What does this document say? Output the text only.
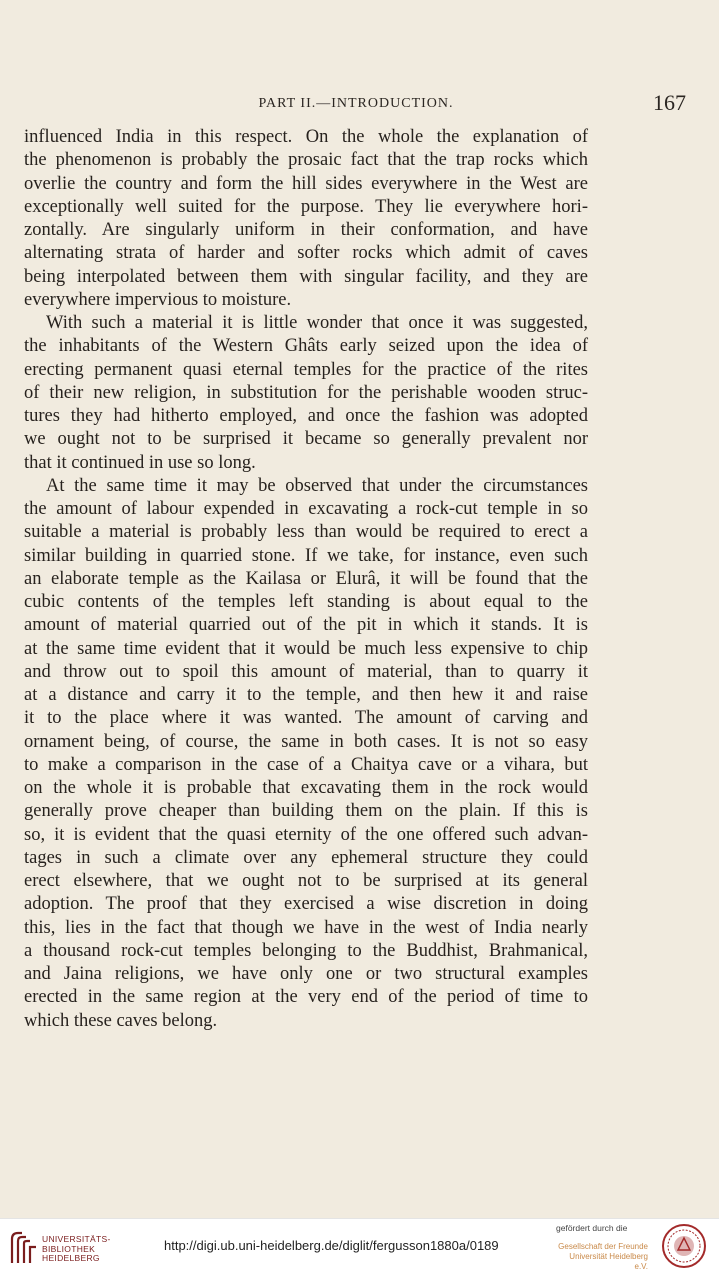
PART II.—INTRODUCTION.	167
influenced India in this respect. On the whole the explanation of
the phenomenon is probably the prosaic fact that the trap rocks which
overlie the country and form the hill sides everywhere in the West are
exceptionally well suited for the purpose. They lie everywhere hori-
zontally. Are singularly uniform in their conformation, and have
alternating strata of harder and softer rocks which admit of caves
being interpolated between them with singular facility, and they are
everywhere impervious to moisture.
With such a material it is little wonder that once it was suggested,
the inhabitants of the Western Ghâts early seized upon the idea of
erecting permanent quasi eternal temples for the practice of the rites
of their new religion, in substitution for the perishable wooden struc-
tures they had hitherto employed, and once the fashion was adopted
we ought not to be surprised it became so generally prevalent nor
that it continued in use so long.
At the same time it may be observed that under the circumstances
the amount of labour expended in excavating a rock-cut temple in so
suitable a material is probably less than would be required to erect a
similar building in quarried stone. If we take, for instance, even such
an elaborate temple as the Kailasa or Elurâ, it will be found that the
cubic contents of the temples left standing is about equal to the
amount of material quarried out of the pit in which it stands. It is
at the same time evident that it would be much less expensive to chip
and throw out to spoil this amount of material, than to quarry it
at a distance and carry it to the temple, and then hew it and raise
it to the place where it was wanted. The amount of carving and
ornament being, of course, the same in both cases. It is not so easy
to make a comparison in the case of a Chaitya cave or a vihara, but
on the whole it is probable that excavating them in the rock would
generally prove cheaper than building them on the plain. If this is
so, it is evident that the quasi eternity of the one offered such advan-
tages in such a climate over any ephemeral structure they could
erect elsewhere, that we ought not to be surprised at its general
adoption. The proof that they exercised a wise discretion in doing
this, lies in the fact that though we have in the west of India nearly
a thousand rock-cut temples belonging to the Buddhist, Brahmanical,
and Jaina religions, we have only one or two structural examples
erected in the same region at the very end of the period of time to
which these caves belong.
UNIVERSITÄTS-
BIBLIOTHEK
HEIDELBERG
http://digi.ub.uni-heidelberg.de/diglit/fergusson1880a/0189
gefördert durch die
Gesellschaft der Freunde
Universität Heidelberg e.V.
